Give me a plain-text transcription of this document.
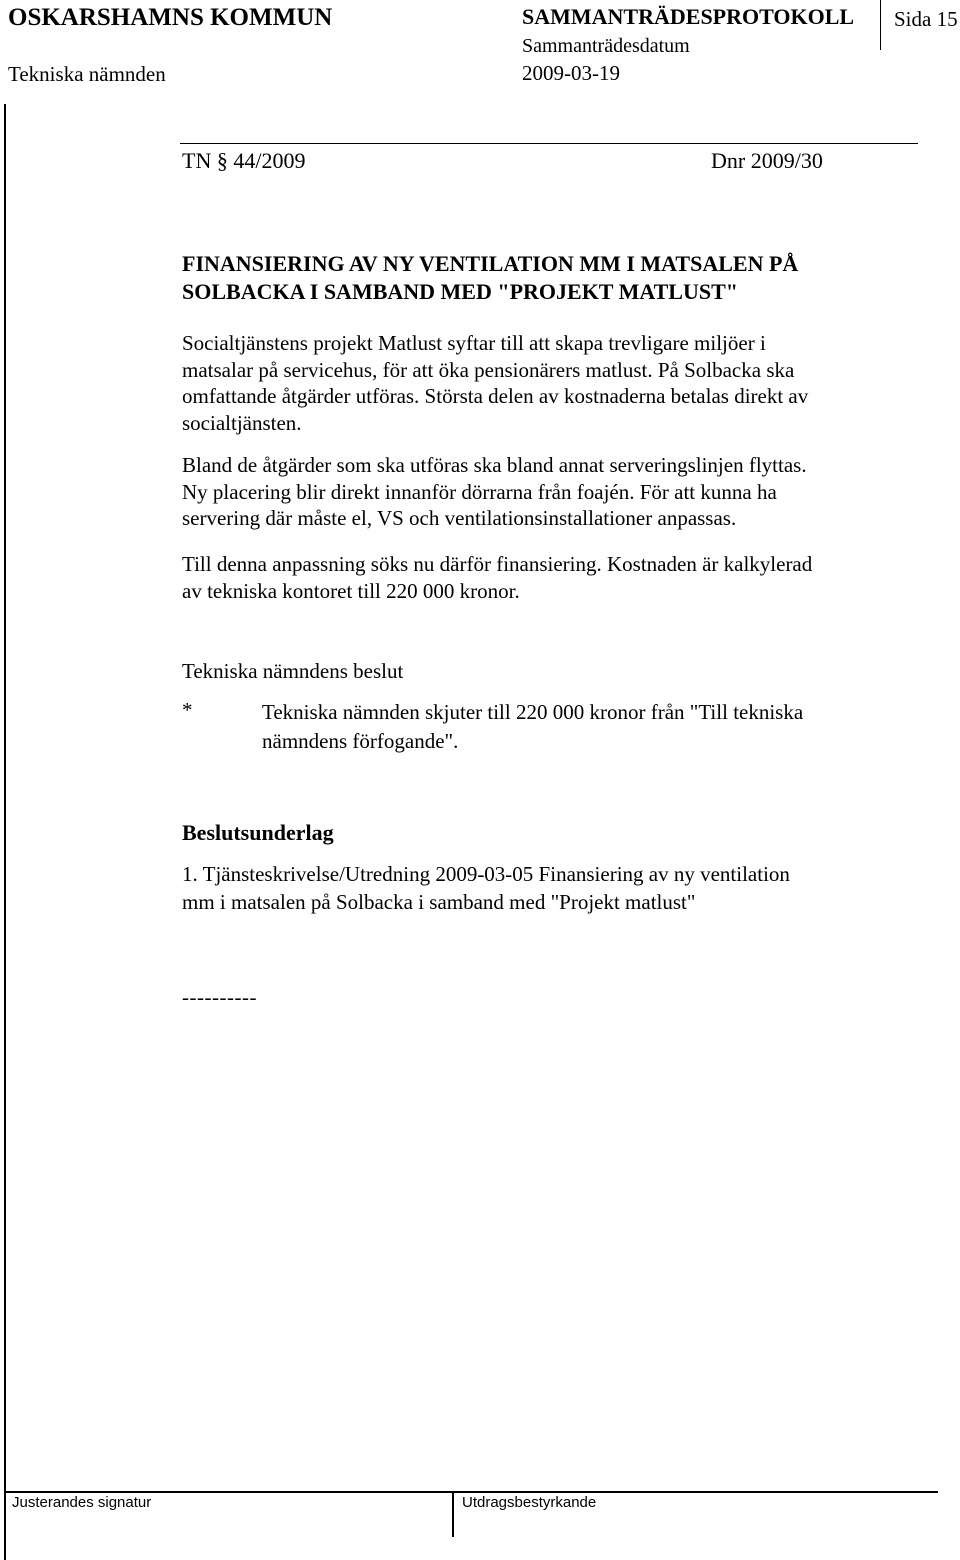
OSKARSHAMNS KOMMUN
Tekniska nämnden
SAMMANTRÄDESPROTOKOLL
Sammanträdesdatum
2009-03-19
Sida 15
TN § 44/2009	Dnr 2009/30
FINANSIERING AV NY VENTILATION MM I MATSALEN PÅ
SOLBACKA I SAMBAND MED "PROJEKT MATLUST"
Socialtjänstens projekt Matlust syftar till att skapa trevligare miljöer i
matsalar på servicehus, för att öka pensionärers matlust. På Solbacka ska
omfattande åtgärder utföras. Största delen av kostnaderna betalas direkt av
socialtjänsten.
Bland de åtgärder som ska utföras ska bland annat serveringslinjen flyttas.
Ny placering blir direkt innanför dörrarna från foajén. För att kunna ha
servering där måste el, VS och ventilationsinstallationer anpassas.
Till denna anpassning söks nu därför finansiering. Kostnaden är kalkylerad
av tekniska kontoret till 220 000 kronor.
Tekniska nämndens beslut
*	Tekniska nämnden skjuter till 220 000 kronor från "Till tekniska
nämndens förfogande".
Beslutsunderlag
1. Tjänsteskrivelse/Utredning 2009-03-05 Finansiering av ny ventilation
mm i matsalen på Solbacka i samband med "Projekt matlust"
----------
Justerandes signatur	Utdragsbestyrkande
